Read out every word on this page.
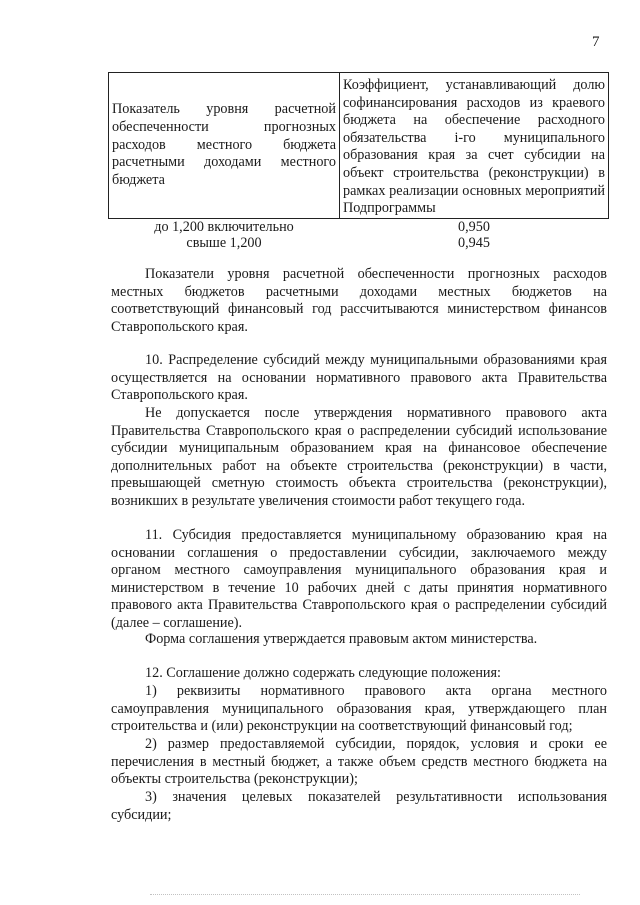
7
Показатель уровня расчетной обеспеченности прогнозных расходов местного бюджета расчетными доходами местного бюджета	Коэффициент, устанавливающий долю софинансирования расходов из краевого бюджета на обеспечение расходного обязательства i-го муниципального образования края за счет субсидии на объект строительства (реконструкции) в рамках реализации основных мероприятий Подпрограммы
до 1,200 включительно	0,950
свыше 1,200	0,945

Показатели уровня расчетной обеспеченности прогнозных расходов местных бюджетов расчетными доходами местных бюджетов на соответствующий финансовый год рассчитываются министерством финансов Ставропольского края.

10. Распределение субсидий между муниципальными образованиями края осуществляется на основании нормативного правового акта Правительства Ставропольского края.

Не допускается после утверждения нормативного правового акта Правительства Ставропольского края о распределении субсидий использование субсидии муниципальным образованием края на финансовое обеспечение дополнительных работ на объекте строительства (реконструкции) в части, превышающей сметную стоимость объекта строительства (реконструкции), возникших в результате увеличения стоимости работ текущего года.

11. Субсидия предоставляется муниципальному образованию края на основании соглашения о предоставлении субсидии, заключаемого между органом местного самоуправления муниципального образования края и министерством в течение 10 рабочих дней с даты принятия нормативного правового акта Правительства Ставропольского края о распределении субсидий (далее – соглашение).

Форма соглашения утверждается правовым актом министерства.

12. Соглашение должно содержать следующие положения:

1) реквизиты нормативного правового акта органа местного самоуправления муниципального образования края, утверждающего план строительства и (или) реконструкции на соответствующий финансовый год;

2) размер предоставляемой субсидии, порядок, условия и сроки ее перечисления в местный бюджет, а также объем средств местного бюджета на объекты строительства (реконструкции);

3) значения целевых показателей результативности использования субсидии;
